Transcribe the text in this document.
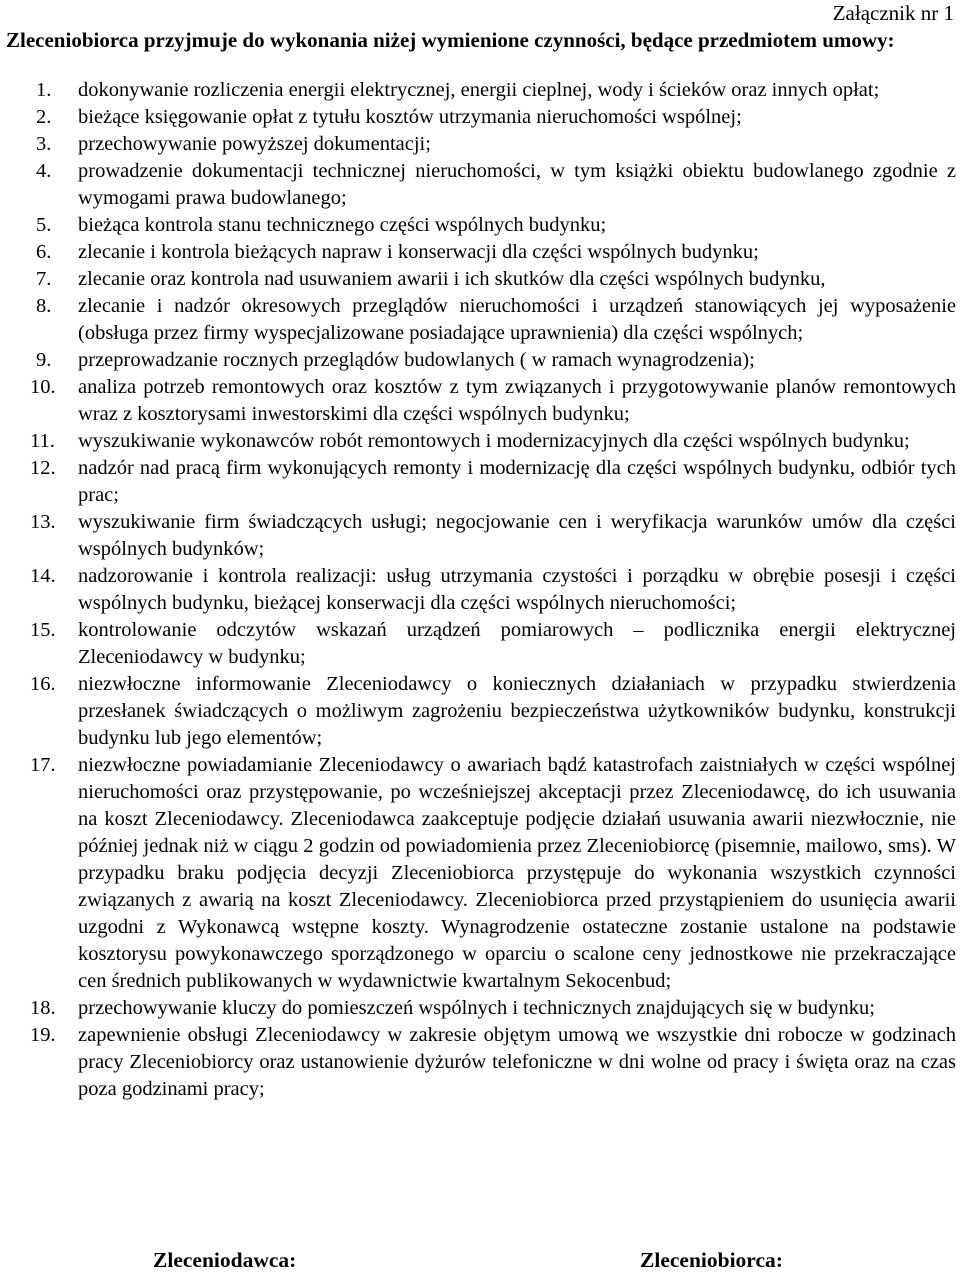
Załącznik nr 1
Zleceniobiorca przyjmuje do wykonania niżej wymienione czynności, będące przedmiotem umowy:
1.	dokonywanie rozliczenia energii elektrycznej, energii cieplnej, wody i ścieków oraz innych opłat;
2.	bieżące księgowanie opłat z tytułu kosztów utrzymania nieruchomości wspólnej;
3.	przechowywanie powyższej dokumentacji;
4.	prowadzenie dokumentacji technicznej nieruchomości, w tym książki obiektu budowlanego zgodnie z wymogami prawa budowlanego;
5.	bieżąca kontrola stanu technicznego części wspólnych budynku;
6.	zlecanie i kontrola bieżących napraw i konserwacji dla części wspólnych budynku;
7.	zlecanie oraz kontrola nad usuwaniem awarii i ich skutków dla części wspólnych budynku,
8.	zlecanie i nadzór okresowych przeglądów nieruchomości i urządzeń stanowiących jej wyposażenie (obsługa przez firmy wyspecjalizowane posiadające uprawnienia) dla części wspólnych;
9.	przeprowadzanie rocznych przeglądów budowlanych ( w ramach wynagrodzenia);
10.	analiza potrzeb remontowych oraz kosztów z tym związanych i przygotowywanie planów remontowych wraz z kosztorysami inwestorskimi dla części wspólnych budynku;
11.	wyszukiwanie wykonawców robót remontowych i modernizacyjnych dla części wspólnych budynku;
12.	nadzór nad pracą firm wykonujących remonty i modernizację dla części wspólnych budynku, odbiór tych prac;
13.	wyszukiwanie firm świadczących usługi; negocjowanie cen i weryfikacja warunków umów dla części wspólnych budynków;
14.	nadzorowanie i kontrola realizacji: usług utrzymania czystości i porządku w obrębie posesji i części wspólnych budynku, bieżącej konserwacji dla części wspólnych nieruchomości;
15.	kontrolowanie odczytów wskazań urządzeń pomiarowych – podlicznika energii elektrycznej Zleceniodawcy w budynku;
16.	niezwłoczne informowanie Zleceniodawcy o koniecznych działaniach w przypadku stwierdzenia przesłanek świadczących o możliwym zagrożeniu bezpieczeństwa użytkowników budynku, konstrukcji budynku lub jego elementów;
17.	niezwłoczne powiadamianie Zleceniodawcy o awariach bądź katastrofach zaistniałych w części wspólnej nieruchomości oraz przystępowanie, po wcześniejszej akceptacji przez Zleceniodawcę, do ich usuwania na koszt Zleceniodawcy. Zleceniodawca zaakceptuje podjęcie działań usuwania awarii niezwłocznie, nie później jednak niż w ciągu 2 godzin od powiadomienia przez Zleceniobiorcę (pisemnie, mailowo, sms). W przypadku braku podjęcia decyzji Zleceniobiorca przystępuje do wykonania wszystkich czynności związanych z awarią na koszt Zleceniodawcy. Zleceniobiorca przed przystąpieniem do usunięcia awarii uzgodni z Wykonawcą wstępne koszty. Wynagrodzenie ostateczne zostanie ustalone na podstawie kosztorysu powykonawczego sporządzonego w oparciu o scalone ceny jednostkowe nie przekraczające cen średnich publikowanych w wydawnictwie kwartalnym Sekocenbud;
18.	przechowywanie kluczy do pomieszczeń wspólnych i technicznych znajdujących się w budynku;
19.	zapewnienie obsługi Zleceniodawcy w zakresie objętym umową we wszystkie dni robocze w godzinach pracy Zleceniobiorcy oraz ustanowienie dyżurów telefoniczne w dni wolne od pracy i święta oraz na czas poza godzinami pracy;
Zleceniodawca:	Zleceniobiorca:
